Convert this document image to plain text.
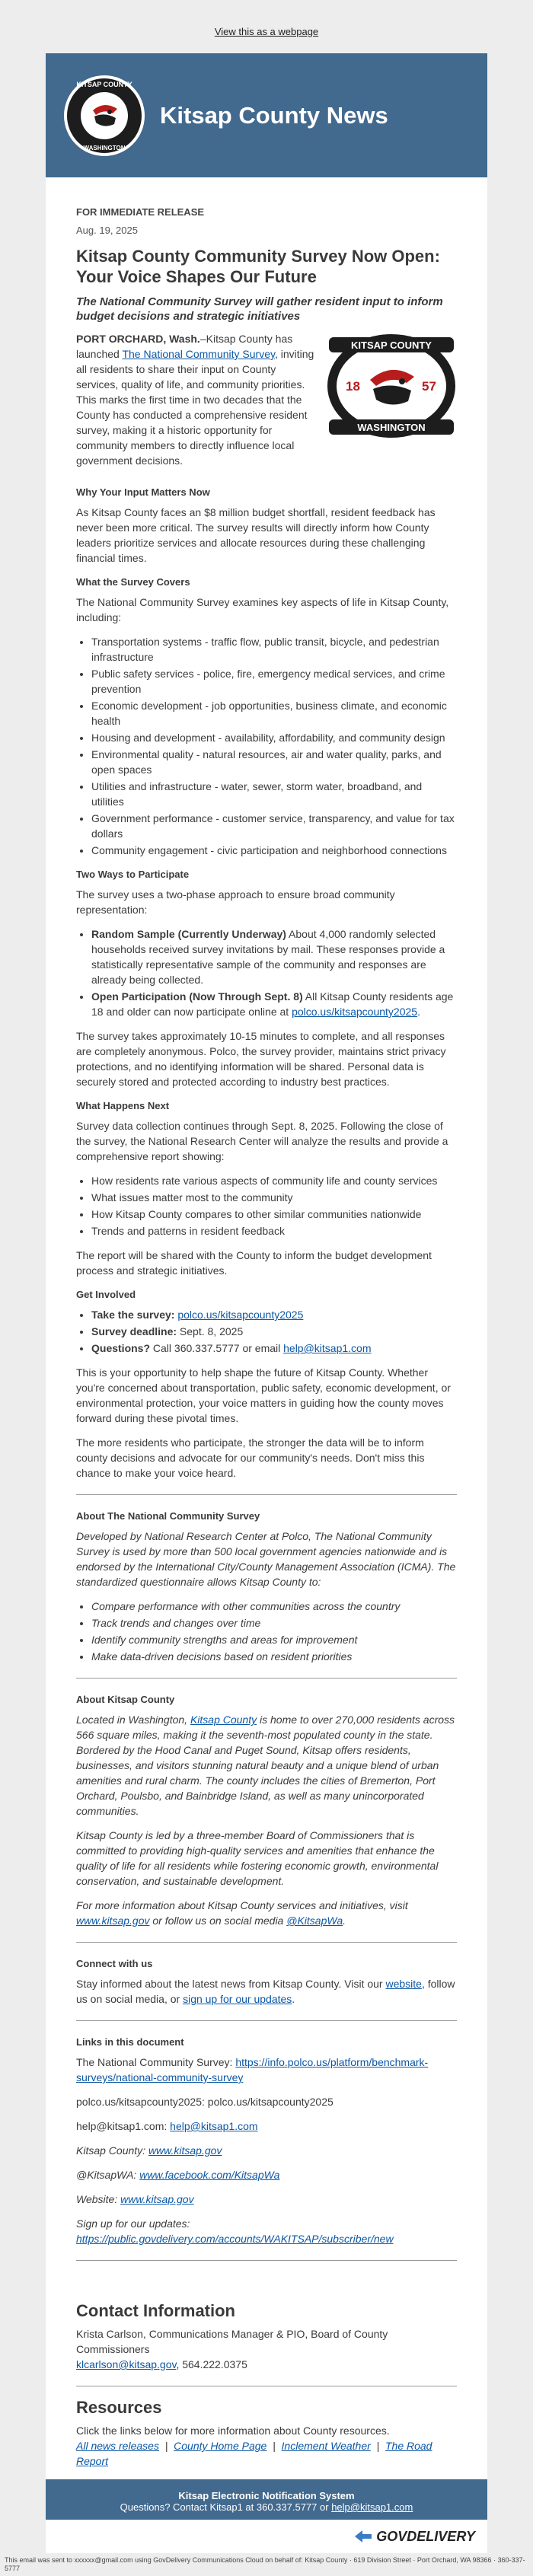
View this as a webpage
KITSAP COUNTY
WASHINGTON
Kitsap County News
FOR IMMEDIATE RELEASE
Aug. 19, 2025
Kitsap County Community Survey Now Open: Your Voice Shapes Our Future
The National Community Survey will gather resident input to inform budget decisions and strategic initiatives
KITSAP COUNTY
WASHINGTON
18	57

PORT ORCHARD, Wash.–Kitsap County has launched The National Community Survey, inviting all residents to share their input on County services, quality of life, and community priorities. This marks the first time in two decades that the County has conducted a comprehensive resident survey, making it a historic opportunity for community members to directly influence local government decisions.

Why Your Input Matters Now

As Kitsap County faces an $8 million budget shortfall, resident feedback has never been more critical. The survey results will directly inform how County leaders prioritize services and allocate resources during these challenging financial times.

What the Survey Covers

The National Community Survey examines key aspects of life in Kitsap County, including:

• Transportation systems - traffic flow, public transit, bicycle, and pedestrian infrastructure
• Public safety services - police, fire, emergency medical services, and crime prevention
• Economic development - job opportunities, business climate, and economic health
• Housing and development - availability, affordability, and community design
• Environmental quality - natural resources, air and water quality, parks, and open spaces
• Utilities and infrastructure - water, sewer, storm water, broadband, and utilities
• Government performance - customer service, transparency, and value for tax dollars
• Community engagement - civic participation and neighborhood connections
Two Ways to Participate

The survey uses a two-phase approach to ensure broad community representation:

• Random Sample (Currently Underway) About 4,000 randomly selected households received survey invitations by mail. These responses provide a statistically representative sample of the community and responses are already being collected.
• Open Participation (Now Through Sept. 8) All Kitsap County residents age 18 and older can now participate online at polco.us/kitsapcounty2025.

The survey takes approximately 10-15 minutes to complete, and all responses are completely anonymous. Polco, the survey provider, maintains strict privacy protections, and no identifying information will be shared. Personal data is securely stored and protected according to industry best practices.

What Happens Next

Survey data collection continues through Sept. 8, 2025. Following the close of the survey, the National Research Center will analyze the results and provide a comprehensive report showing:

• How residents rate various aspects of community life and county services
• What issues matter most to the community
• How Kitsap County compares to other similar communities nationwide
• Trends and patterns in resident feedback

The report will be shared with the County to inform the budget development process and strategic initiatives.

Get Involved
• Take the survey: polco.us/kitsapcounty2025
• Survey deadline: Sept. 8, 2025
• Questions? Call 360.337.5777 or email help@kitsap1.com

This is your opportunity to help shape the future of Kitsap County. Whether you're concerned about transportation, public safety, economic development, or environmental protection, your voice matters in guiding how the county moves forward during these pivotal times.

The more residents who participate, the stronger the data will be to inform county decisions and advocate for our community's needs. Don't miss this chance to make your voice heard.

About The National Community Survey

Developed by National Research Center at Polco, The National Community Survey is used by more than 500 local government agencies nationwide and is endorsed by the International City/County Management Association (ICMA). The standardized questionnaire allows Kitsap County to:

• Compare performance with other communities across the country
• Track trends and changes over time
• Identify community strengths and areas for improvement
• Make data-driven decisions based on resident priorities
About Kitsap County

Located in Washington, Kitsap County is home to over 270,000 residents across 566 square miles, making it the seventh-most populated county in the state. Bordered by the Hood Canal and Puget Sound, Kitsap offers residents, businesses, and visitors stunning natural beauty and a unique blend of urban amenities and rural charm. The county includes the cities of Bremerton, Port Orchard, Poulsbo, and Bainbridge Island, as well as many unincorporated communities.

Kitsap County is led by a three-member Board of Commissioners that is committed to providing high-quality services and amenities that enhance the quality of life for all residents while fostering economic growth, environmental conservation, and sustainable development.

For more information about Kitsap County services and initiatives, visit www.kitsap.gov or follow us on social media @KitsapWa.

Connect with us

Stay informed about the latest news from Kitsap County. Visit our website, follow us on social media, or sign up for our updates.

Links in this document

The National Community Survey: https://info.polco.us/platform/benchmark-surveys/national-community-survey

polco.us/kitsapcounty2025: polco.us/kitsapcounty2025

help@kitsap1.com: help@kitsap1.com

Kitsap County: www.kitsap.gov

@KitsapWA: www.facebook.com/KitsapWa

Website: www.kitsap.gov

Sign up for our updates:
https://public.govdelivery.com/accounts/WAKITSAP/subscriber/new

Contact Information
Krista Carlson, Communications Manager & PIO, Board of County Commissioners
klcarlson@kitsap.gov, 564.222.0375
Resources
Click the links below for more information about County resources.
All news releases  |  County Home Page  |  Inclement Weather  |  The Road Report
Kitsap Electronic Notification System
Questions? Contact Kitsap1 at 360.337.5777 or help@kitsap1.com
GOVDELIVERY
This email was sent to xxxxxx@gmail.com using GovDelivery Communications Cloud on behalf of: Kitsap County · 619 Division Street · Port Orchard, WA 98366 · 360-337-5777
